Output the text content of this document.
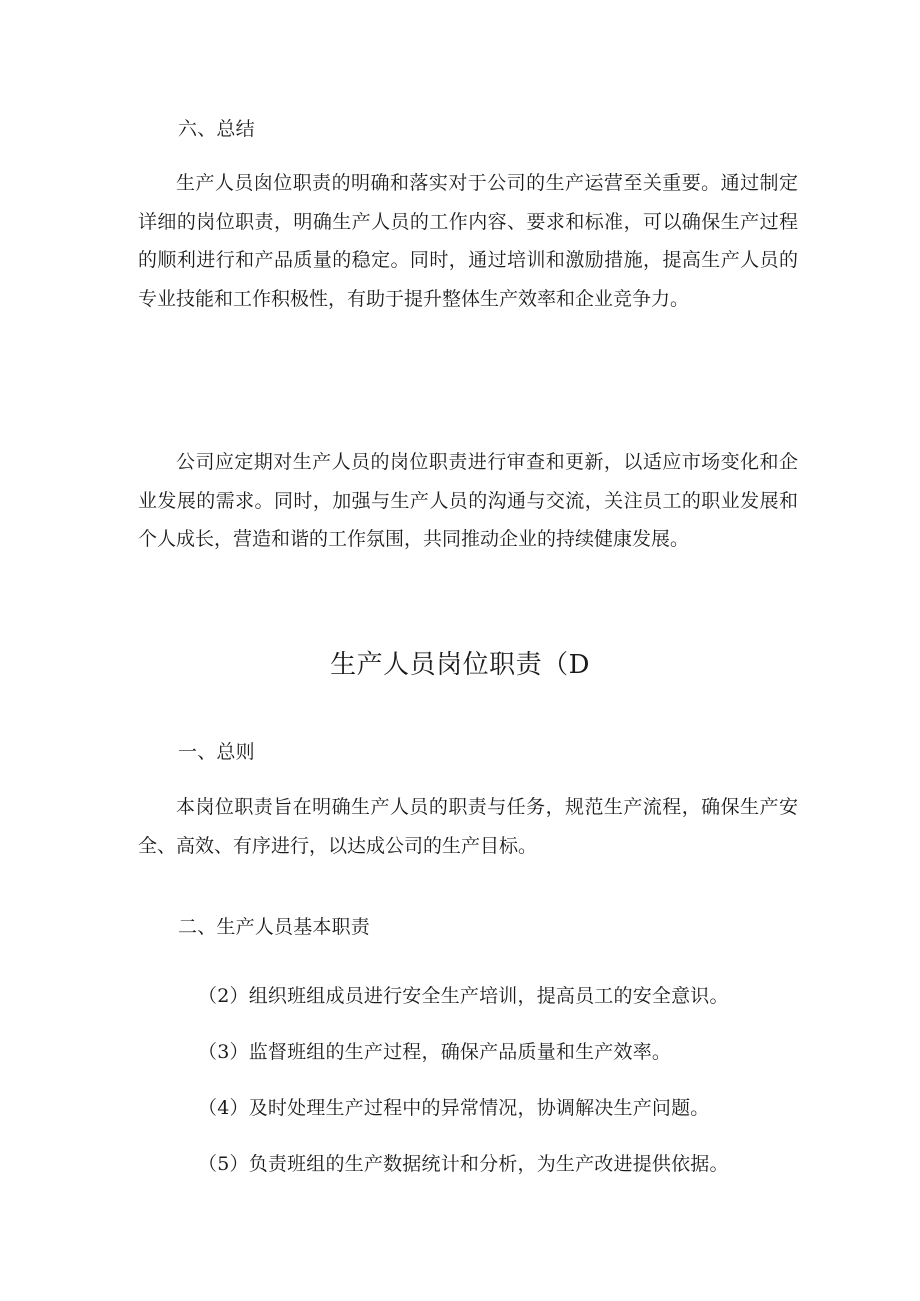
六、总结

生产人员囱位职责的明确和落实对于公司的生产运营至关重要。通过制定详细的岗位职责，明确生产人员的工作内容、要求和标准，可以确保生产过程的顺利进行和产品质量的稳定。同时，通过培训和激励措施，提高生产人员的专业技能和工作积极性，有助于提升整体生产效率和企业竞争力。

公司应定期对生产人员的岗位职责进行审查和更新，以适应市场变化和企业发展的需求。同时，加强与生产人员的沟通与交流，关注员工的职业发展和个人成长，营造和谐的工作氛围，共同推动企业的持续健康发展。

生产人员岗位职责（D

一、总则

本岗位职责旨在明确生产人员的职责与任务，规范生产流程，确保生产安全、高效、有序进行，以达成公司的生产目标。

二、生产人员基本职责

（2）组织班组成员进行安全生产培训，提高员工的安全意识。

（3）监督班组的生产过程，确保产品质量和生产效率。

（4）及时处理生产过程中的异常情况，协调解决生产问题。

（5）负责班组的生产数据统计和分析，为生产改进提供依据。
